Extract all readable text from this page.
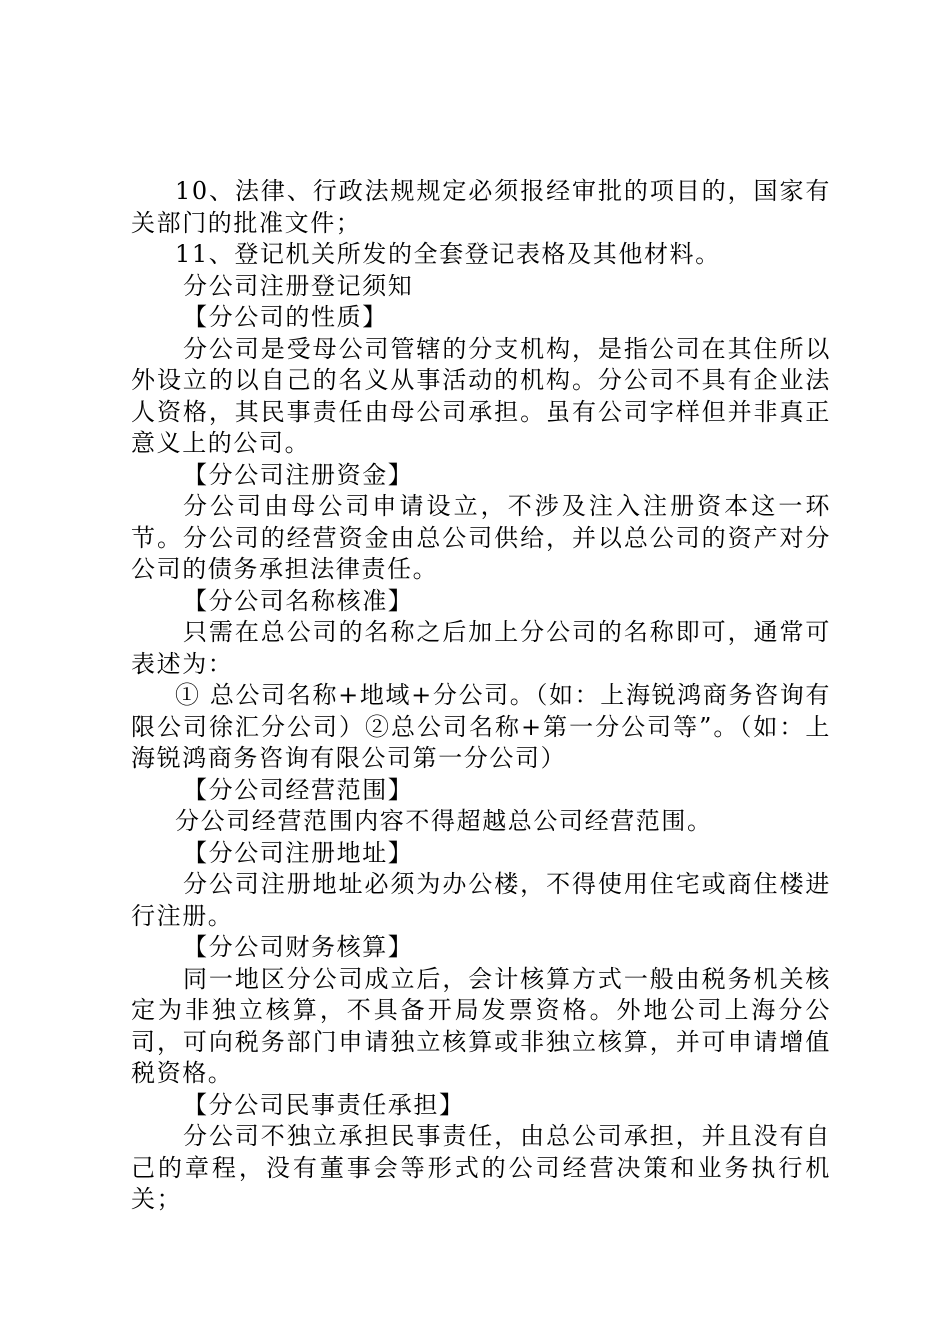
10、法律、行政法规规定必须报经审批的项目的，国家有关部门的批准文件；

11、登记机关所发的全套登记表格及其他材料。

分公司注册登记须知

【分公司的性质】

分公司是受母公司管辖的分支机构，是指公司在其住所以外设立的以自己的名义从事活动的机构。分公司不具有企业法人资格，其民事责任由母公司承担。虽有公司字样但并非真正意义上的公司。

【分公司注册资金】

分公司由母公司申请设立，不涉及注入注册资本这一环节。分公司的经营资金由总公司供给，并以总公司的资产对分公司的债务承担法律责任。

【分公司名称核准】

只需在总公司的名称之后加上分公司的名称即可，通常可表述为：

① 总公司名称+地域+分公司。（如：上海锐鸿商务咨询有限公司徐汇分公司）②总公司名称+第一分公司等”。（如：上海锐鸿商务咨询有限公司第一分公司）

【分公司经营范围】

分公司经营范围内容不得超越总公司经营范围。

【分公司注册地址】

分公司注册地址必须为办公楼，不得使用住宅或商住楼进行注册。

【分公司财务核算】

同一地区分公司成立后，会计核算方式一般由税务机关核定为非独立核算，不具备开局发票资格。外地公司上海分公司，可向税务部门申请独立核算或非独立核算，并可申请增值税资格。

【分公司民事责任承担】

分公司不独立承担民事责任，由总公司承担，并且没有自己的章程，没有董事会等形式的公司经营决策和业务执行机关；
